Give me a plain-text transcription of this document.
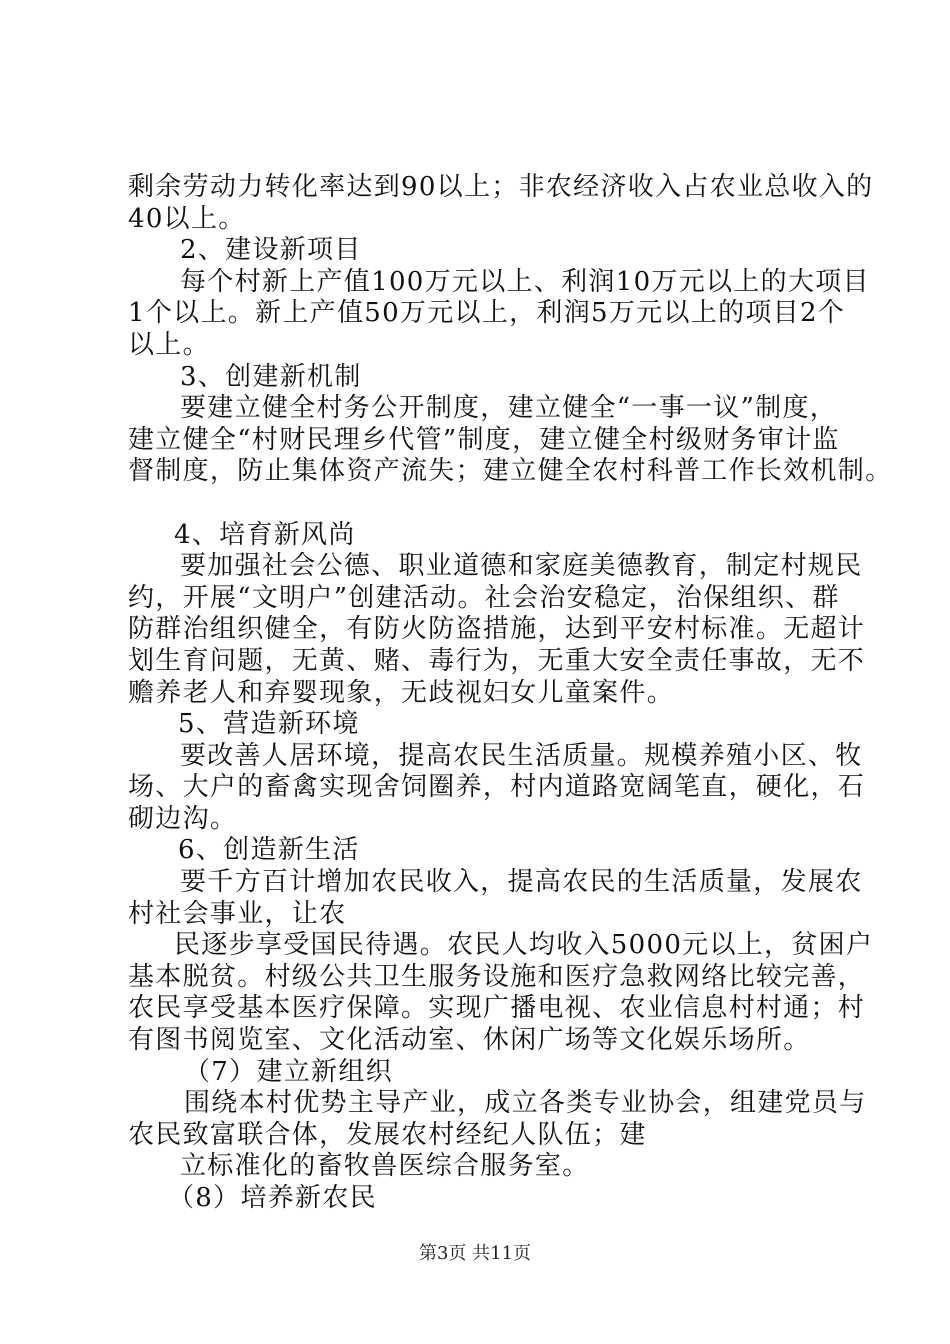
剩余劳动力转化率达到90以上；非农经济收入占农业总收入的
40以上。
2、建设新项目
每个村新上产值100万元以上、利润10万元以上的大项目
1个以上。新上产值50万元以上，利润5万元以上的项目2个
以上。
3、创建新机制
要建立健全村务公开制度，建立健全“一事一议”制度，
建立健全“村财民理乡代管”制度，建立健全村级财务审计监
督制度，防止集体资产流失；建立健全农村科普工作长效机制。
4、培育新风尚
要加强社会公德、职业道德和家庭美德教育，制定村规民
约，开展“文明户”创建活动。社会治安稳定，治保组织、群
防群治组织健全，有防火防盗措施，达到平安村标准。无超计
划生育问题，无黄、赌、毒行为，无重大安全责任事故，无不
赡养老人和弃婴现象，无歧视妇女儿童案件。
5、营造新环境
要改善人居环境，提高农民生活质量。规模养殖小区、牧
场、大户的畜禽实现舍饲圈养，村内道路宽阔笔直，硬化，石
砌边沟。
6、创造新生活
要千方百计增加农民收入，提高农民的生活质量，发展农
村社会事业，让农
民逐步享受国民待遇。农民人均收入5000元以上，贫困户
基本脱贫。村级公共卫生服务设施和医疗急救网络比较完善，
农民享受基本医疗保障。实现广播电视、农业信息村村通；村
有图书阅览室、文化活动室、休闲广场等文化娱乐场所。
（7）建立新组织
围绕本村优势主导产业，成立各类专业协会，组建党员与
农民致富联合体，发展农村经纪人队伍；建
立标准化的畜牧兽医综合服务室。
（8）培养新农民
第3页 共11页
